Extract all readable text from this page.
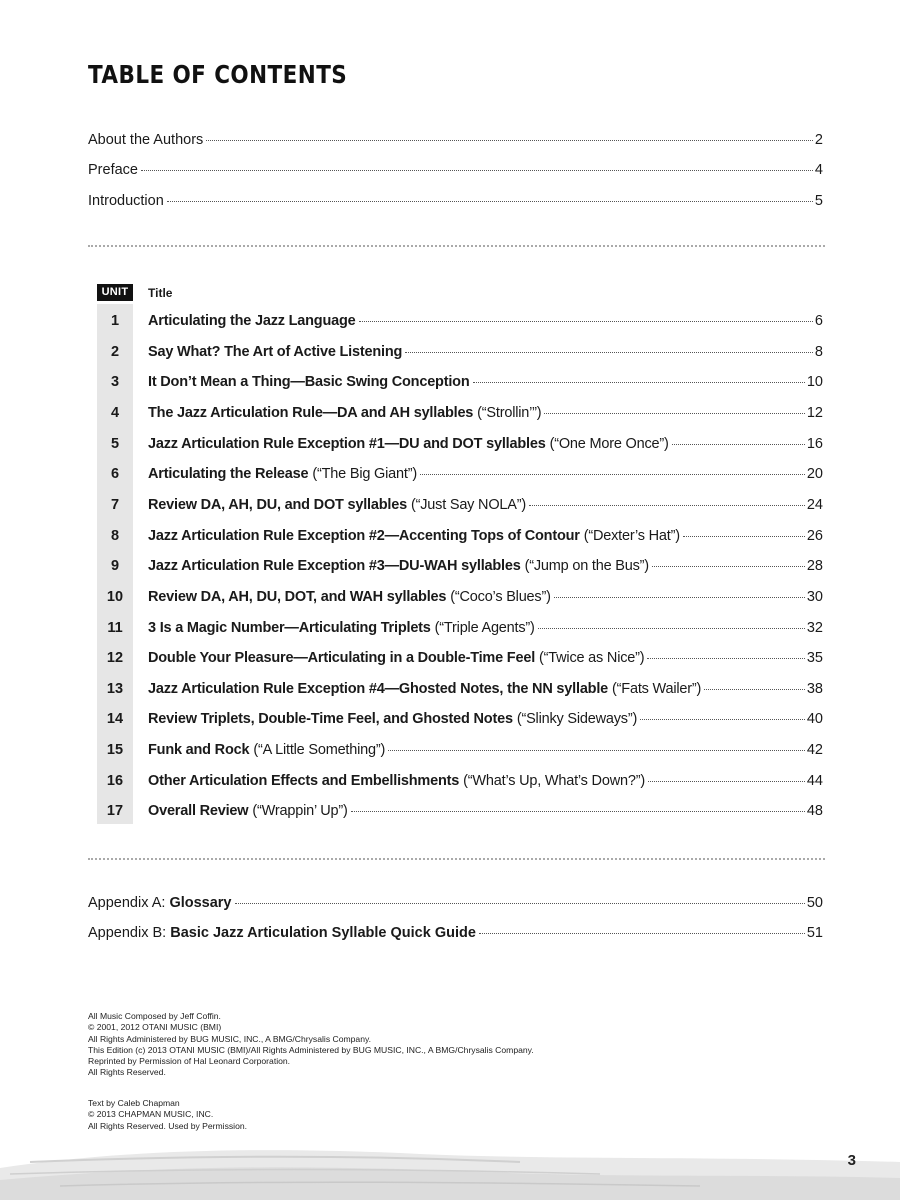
TABLE OF CONTENTS
About the Authors	2
Preface	4
Introduction	5
UNIT	Title
1	Articulating the Jazz Language	6
2	Say What? The Art of Active Listening	8
3	It Don’t Mean a Thing—Basic Swing Conception	10
4	The Jazz Articulation Rule—DA and AH syllables (“Strollin’”)	12
5	Jazz Articulation Rule Exception #1—DU and DOT syllables (“One More Once”)	16
6	Articulating the Release (“The Big Giant”)	20
7	Review DA, AH, DU, and DOT syllables (“Just Say NOLA”)	24
8	Jazz Articulation Rule Exception #2—Accenting Tops of Contour (“Dexter’s Hat”)	26
9	Jazz Articulation Rule Exception #3—DU-WAH syllables (“Jump on the Bus”)	28
10	Review DA, AH, DU, DOT, and WAH syllables (“Coco’s Blues”)	30
11	3 Is a Magic Number—Articulating Triplets (“Triple Agents”)	32
12	Double Your Pleasure—Articulating in a Double-Time Feel (“Twice as Nice”)	35
13	Jazz Articulation Rule Exception #4—Ghosted Notes, the NN syllable (“Fats Wailer”)	38
14	Review Triplets, Double-Time Feel, and Ghosted Notes (“Slinky Sideways”)	40
15	Funk and Rock (“A Little Something”)	42
16	Other Articulation Effects and Embellishments (“What’s Up, What’s Down?”)	44
17	Overall Review (“Wrappin’ Up”)	48
Appendix A: Glossary	50
Appendix B: Basic Jazz Articulation Syllable Quick Guide	51
All Music Composed by Jeff Coffin.
© 2001, 2012 OTANI MUSIC (BMI)
All Rights Administered by BUG MUSIC, INC., A BMG/Chrysalis Company.
This Edition (c) 2013 OTANI MUSIC (BMI)/All Rights Administered by BUG MUSIC, INC., A BMG/Chrysalis Company.
Reprinted by Permission of Hal Leonard Corporation.
All Rights Reserved.
Text by Caleb Chapman
© 2013 CHAPMAN MUSIC, INC.
All Rights Reserved. Used by Permission.
3
